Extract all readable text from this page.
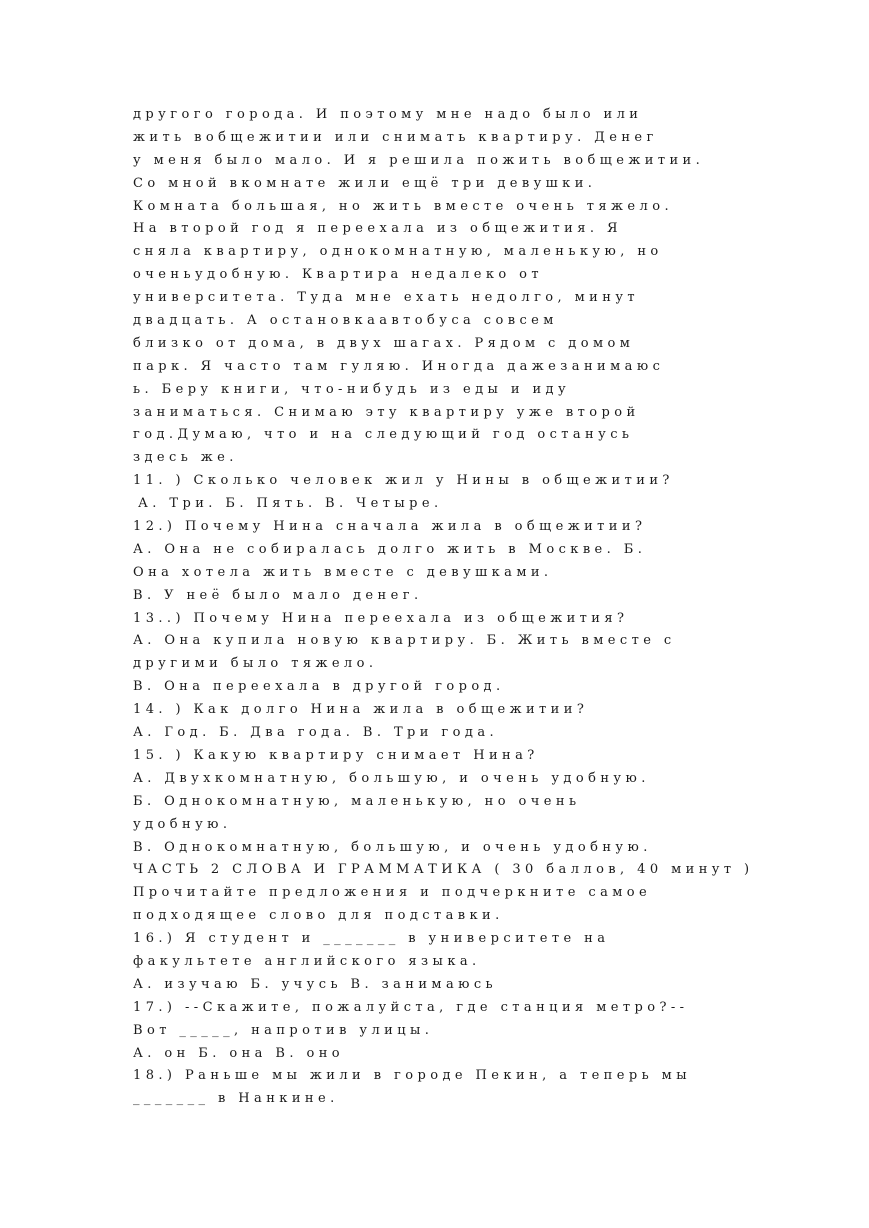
другого города. И поэтому мне надо было или
жить вобщежитии или снимать квартиру. Денег
у меня было мало. И я решила пожить вобщежитии.
Со мной вкомнате жили ещё три девушки.
Комната большая, но жить вместе очень тяжело.
На второй год я переехала из общежития. Я
сняла квартиру, однокомнатную, маленькую, но
оченьудобную. Квартира недалеко от
университета. Туда мне ехать недолго, минут
двадцать. А остановкаавтобуса совсем
близко от дома, в двух шагах. Рядом с домом
парк. Я часто там гуляю. Иногда дажезанимаюс
ь. Беру книги, что-нибудь из еды и иду
заниматься. Снимаю эту квартиру уже второй
год.Думаю, что и на следующий год останусь
здесь же.
11. ) Сколько человек жил у Нины в общежитии?
А. Три. Б. Пять. В. Четыре.
12.) Почему Нина сначала жила в общежитии?
А. Она не собиралась долго жить в Москве. Б.
Она хотела жить вместе с девушками.
В. У неё было мало денег.
13..) Почему Нина переехала из общежития?
А. Она купила новую квартиру. Б. Жить вместе с
другими было тяжело.
В. Она переехала в другой город.
14. ) Как долго Нина жила в общежитии?
А. Год. Б. Два года. В. Три года.
15. ) Какую квартиру снимает Нина?
А. Двухкомнатную, большую, и очень удобную.
Б. Однокомнатную, маленькую, но очень
удобную.
В. Однокомнатную, большую, и очень удобную.
ЧАСТЬ 2 СЛОВА И ГРАММАТИКА ( 30 баллов, 40 минут )
Прочитайте предложения и подчеркните самое
подходящее слово для подставки.
16.) Я студент и _______ в университете на
факультете английского языка.
А. изучаю Б. учусь В. занимаюсь
17.) --Скажите, пожалуйста, где станция метро?--
Вот _____, напротив улицы.
А. он Б. она В. оно
18.) Раньше мы жили в городе Пекин, а теперь мы
_______ в Нанкине.
